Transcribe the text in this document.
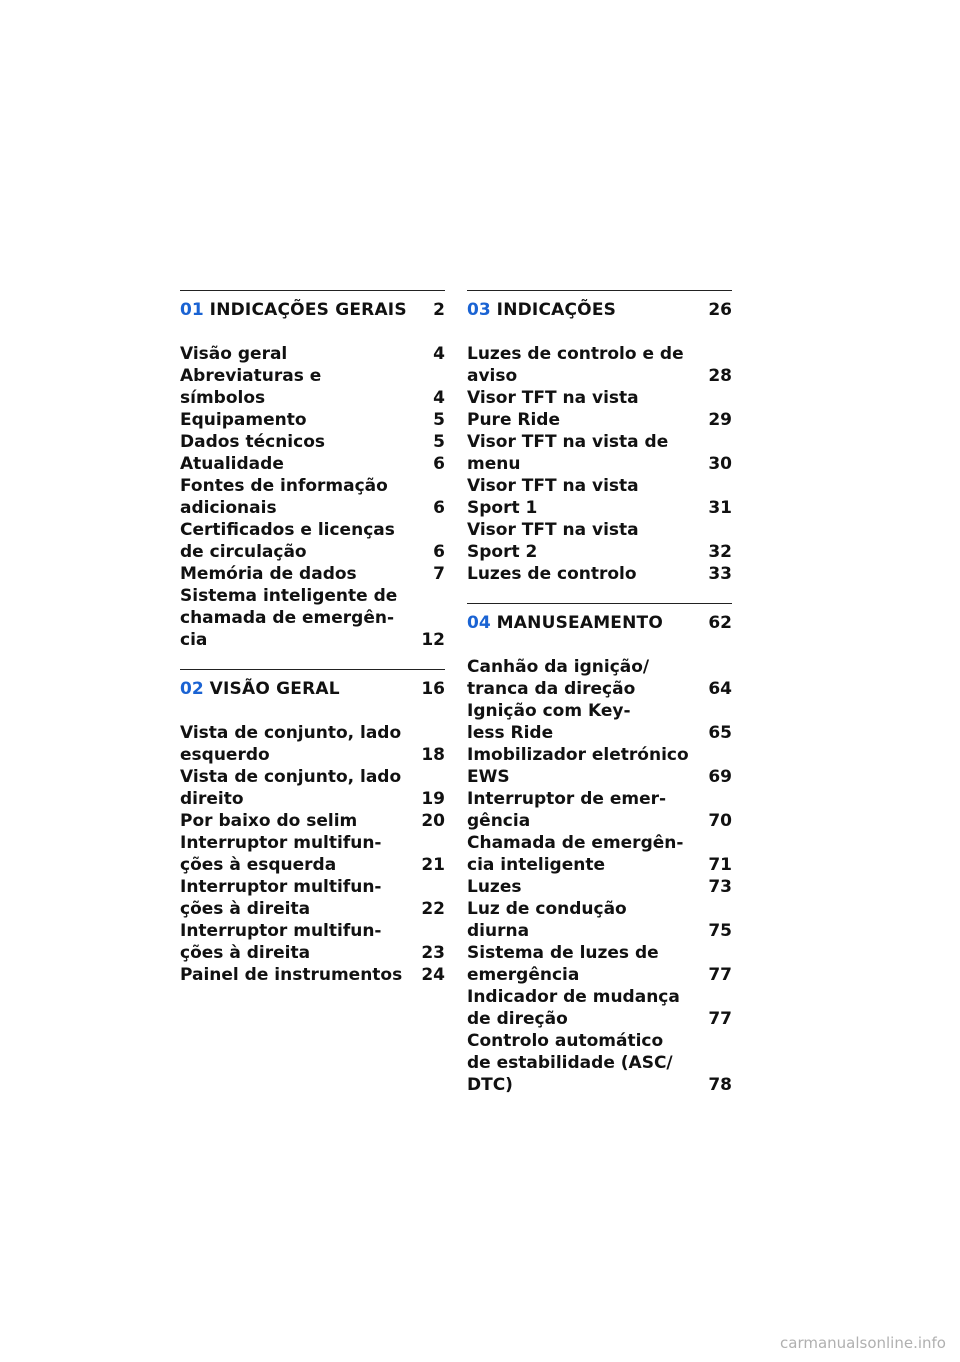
01 INDICAÇÕES GERAIS	2
Visão geral	4
Abreviaturas e símbolos	4
Equipamento	5
Dados técnicos	5
Atualidade	6
Fontes de informação
adicionais	6
Certificados e licenças
de circulação	6
Memória de dados	7
Sistema inteligente de
chamada de emergên-
cia	12
02 VISÃO GERAL	16
Vista de conjunto, lado
esquerdo	18
Vista de conjunto, lado
direito	19
Por baixo do selim	20
Interruptor multifun-
ções à esquerda	21
Interruptor multifun-
ções à direita	22
Interruptor multifun-
ções à direita	23
Painel de instrumentos	24
03 INDICAÇÕES	26
Luzes de controlo e de
aviso	28
Visor TFT na vista
Pure Ride	29
Visor TFT na vista de
menu	30
Visor TFT na vista
Sport 1	31
Visor TFT na vista
Sport 2	32
Luzes de controlo	33
04 MANUSEAMENTO	62
Canhão da ignição/
tranca da direção	64
Ignição com Key-
less Ride	65
Imobilizador eletrónico
EWS	69
Interruptor de emer-
gência	70
Chamada de emergên-
cia inteligente	71
Luzes	73
Luz de condução
diurna	75
Sistema de luzes de
emergência	77
Indicador de mudança
de direção	77
Controlo automático
de estabilidade (ASC/
DTC)	78
carmanualsonline.info
